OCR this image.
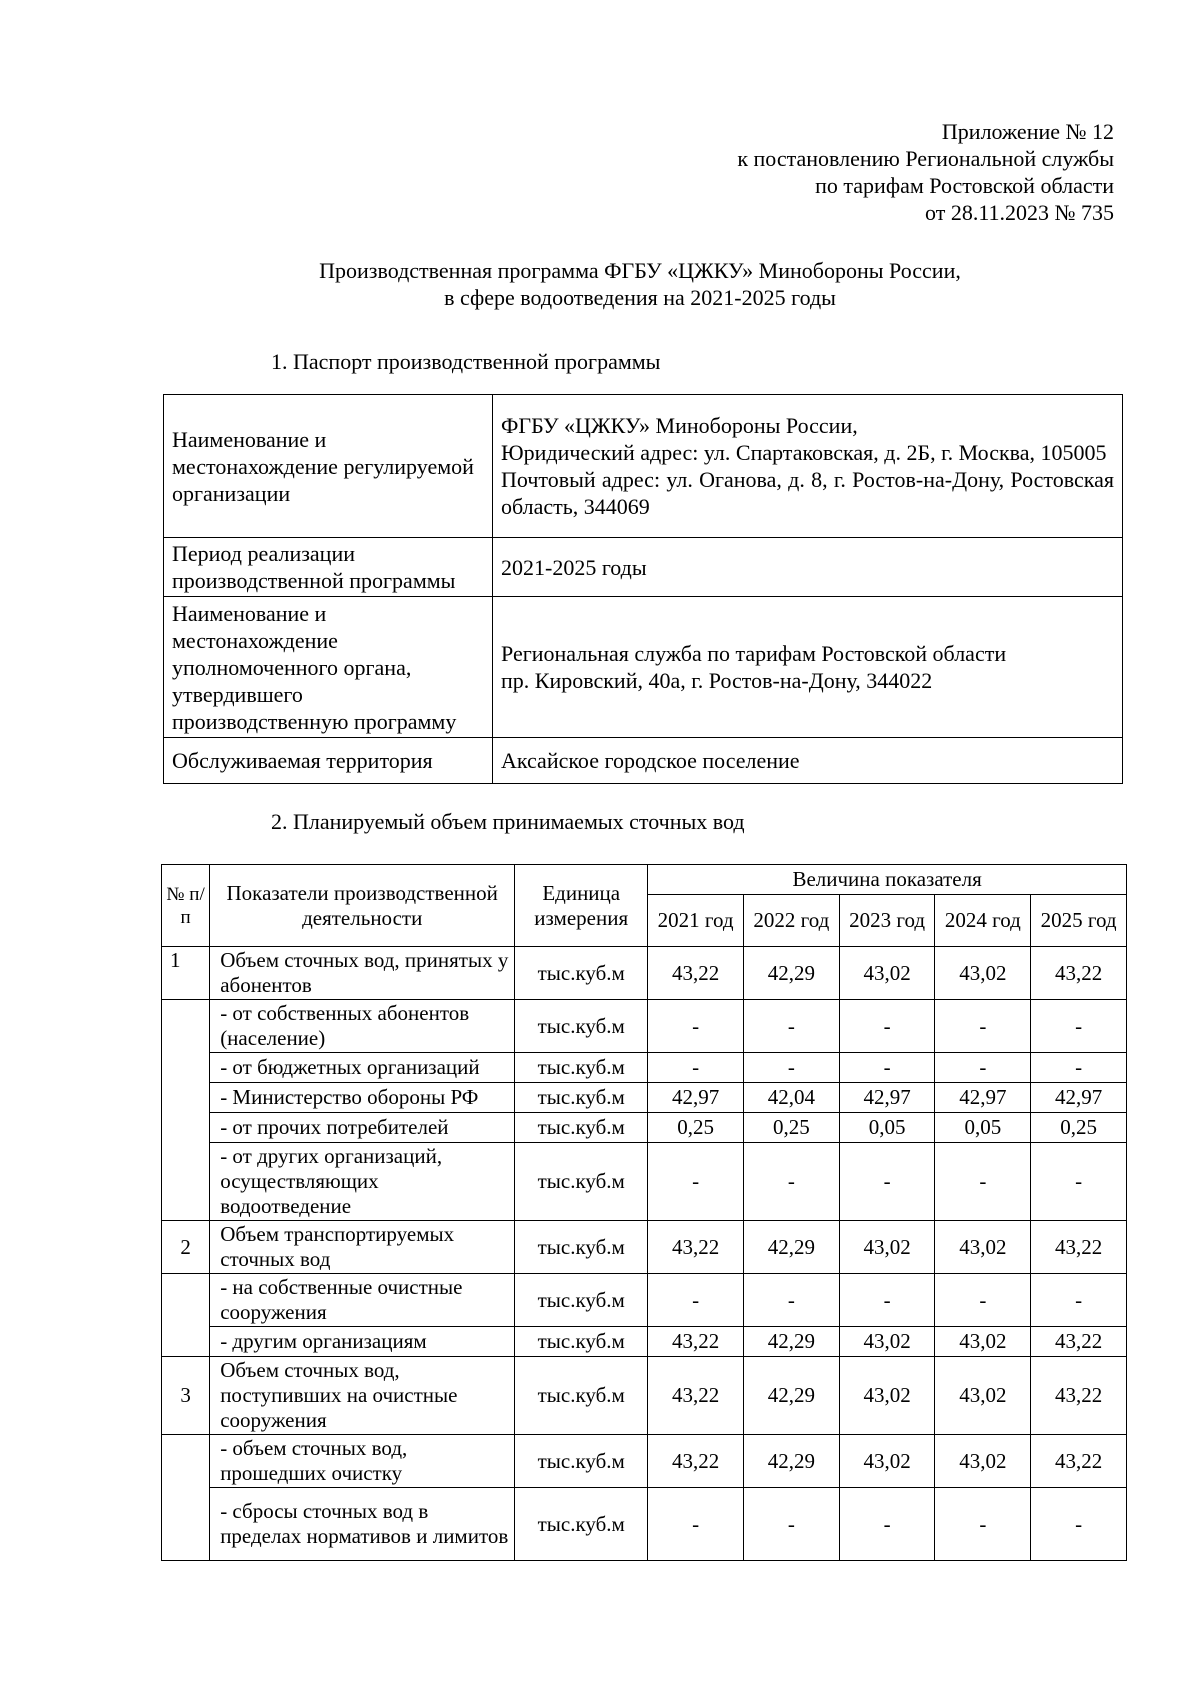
Приложение № 12
к постановлению Региональной службы
по тарифам Ростовской области
от 28.11.2023 № 735
Производственная программа ФГБУ «ЦЖКУ» Минобороны России,
в сфере водоотведения на 2021-2025 годы
1. Паспорт производственной программы
Наименование и местонахождение регулируемой организации	ФГБУ «ЦЖКУ» Минобороны России,
Юридический адрес: ул. Спартаковская, д. 2Б, г. Москва, 105005
Почтовый адрес: ул. Оганова, д. 8, г. Ростов-на-Дону, Ростовская область, 344069

Период реализации производственной программы	2021-2025 годы

Наименование и местонахождение уполномоченного органа, утвердившего производственную программу	Региональная служба по тарифам Ростовской области
пр. Кировский, 40а, г. Ростов-на-Дону, 344022

Обслуживаемая территория	Аксайское городское поселение
2. Планируемый объем принимаемых сточных вод
№ п/п	Показатели производственной деятельности	Единица измерения	Величина показателя				
			2021 год	2022 год	2023 год	2024 год	2025 год
1	Объем сточных вод, принятых у абонентов	тыс.куб.м	43,22	42,29	43,02	43,02	43,22
	- от собственных абонентов (население)	тыс.куб.м	-	-	-	-	-
	- от бюджетных организаций	тыс.куб.м	-	-	-	-	-
	- Министерство обороны РФ	тыс.куб.м	42,97	42,04	42,97	42,97	42,97
	- от прочих потребителей	тыс.куб.м	0,25	0,25	0,05	0,05	0,25
	- от других организаций, осуществляющих водоотведение	тыс.куб.м	-	-	-	-	-
2	Объем транспортируемых сточных вод	тыс.куб.м	43,22	42,29	43,02	43,02	43,22
	- на собственные очистные сооружения	тыс.куб.м	-	-	-	-	-
	- другим организациям	тыс.куб.м	43,22	42,29	43,02	43,02	43,22
3	Объем сточных вод, поступивших на очистные сооружения	тыс.куб.м	43,22	42,29	43,02	43,02	43,22
	- объем сточных вод, прошедших очистку	тыс.куб.м	43,22	42,29	43,02	43,02	43,22
	- сбросы сточных вод в пределах нормативов и лимитов	тыс.куб.м	-	-	-	-	-
